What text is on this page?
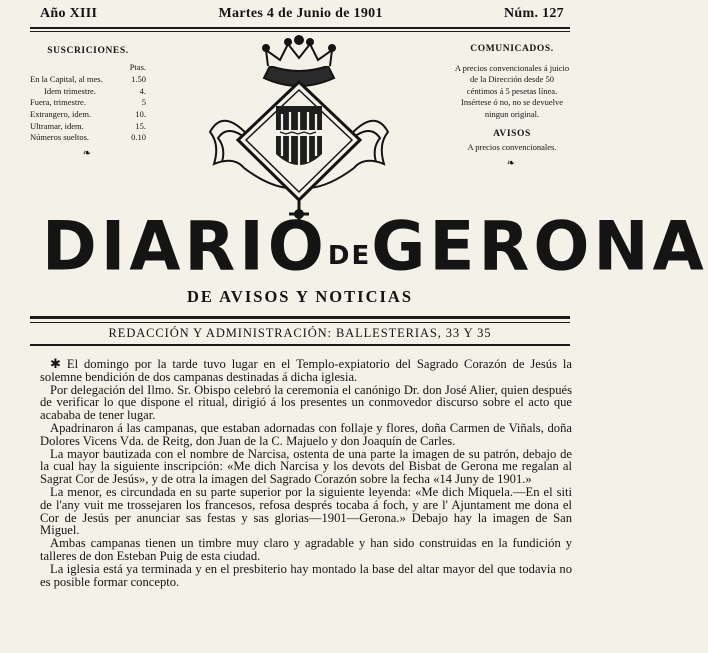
Año XIII	Martes 4 de Junio de 1901	Núm. 127
SUSCRICIONES.
Ptas.
En la Capital, al mes.	1.50
Idem trimestre.	4.
Fuera, trimestre.	5
Extrangero, idem.	10.
Ultramar, idem.	15.
Números sueltos.	0.10
❧
COMUNICADOS.

A precios convencionales á juicio de la Dirección desde 50 céntimos á 5 pesetas línea. Insértese ó no, no se devuelve ningun original.

AVISOS

A precios convencionales.

❧
DIARIO DE GERONA
DE AVISOS Y NOTICIAS
REDACCIÓN Y ADMINISTRACIÓN: BALLESTERIAS, 33 Y 35

✱ El domingo por la tarde tuvo lugar en el Templo-expiatorio del Sagrado Corazón de Jesús la solemne bendición de dos campanas destinadas á dicha iglesia.

Por delegación del Ilmo. Sr. Obispo celebró la ceremonia el canónigo Dr. don José Alier, quien después de verificar lo que dispone el ritual, dirigió á los presentes un conmovedor discurso sobre el acto que acababa de tener lugar.

Apadrinaron á las campanas, que estaban adornadas con follaje y flores, doña Carmen de Viñals, doña Dolores Vicens Vda. de Reitg, don Juan de la C. Majuelo y don Joaquín de Carles.

La mayor bautizada con el nombre de Narcisa, ostenta de una parte la imagen de su patrón, debajo de la cual hay la siguiente inscripción: «Me dich Narcisa y los devots del Bisbat de Gerona me regalan al Sagrat Cor de Jesús», y de otra la imagen del Sagrado Corazón sobre la fecha «14 Juny de 1901.»

La menor, es circundada en su parte superior por la siguiente leyenda: «Me dich Miquela.—En el siti de l'any vuit me trossejaren los francesos, refosa després tocaba á foch, y are l' Ajuntament me dona el Cor de Jesús per anunciar sas festas y sas glorias—1901—Gerona.» Debajo hay la imagen de San Miguel.

Ambas campanas tienen un timbre muy claro y agradable y han sido construidas en la fundición y talleres de don Esteban Puig de esta ciudad.

La iglesia está ya terminada y en el presbiterio hay montado la base del altar mayor del que todavia no es posible formar concepto.
